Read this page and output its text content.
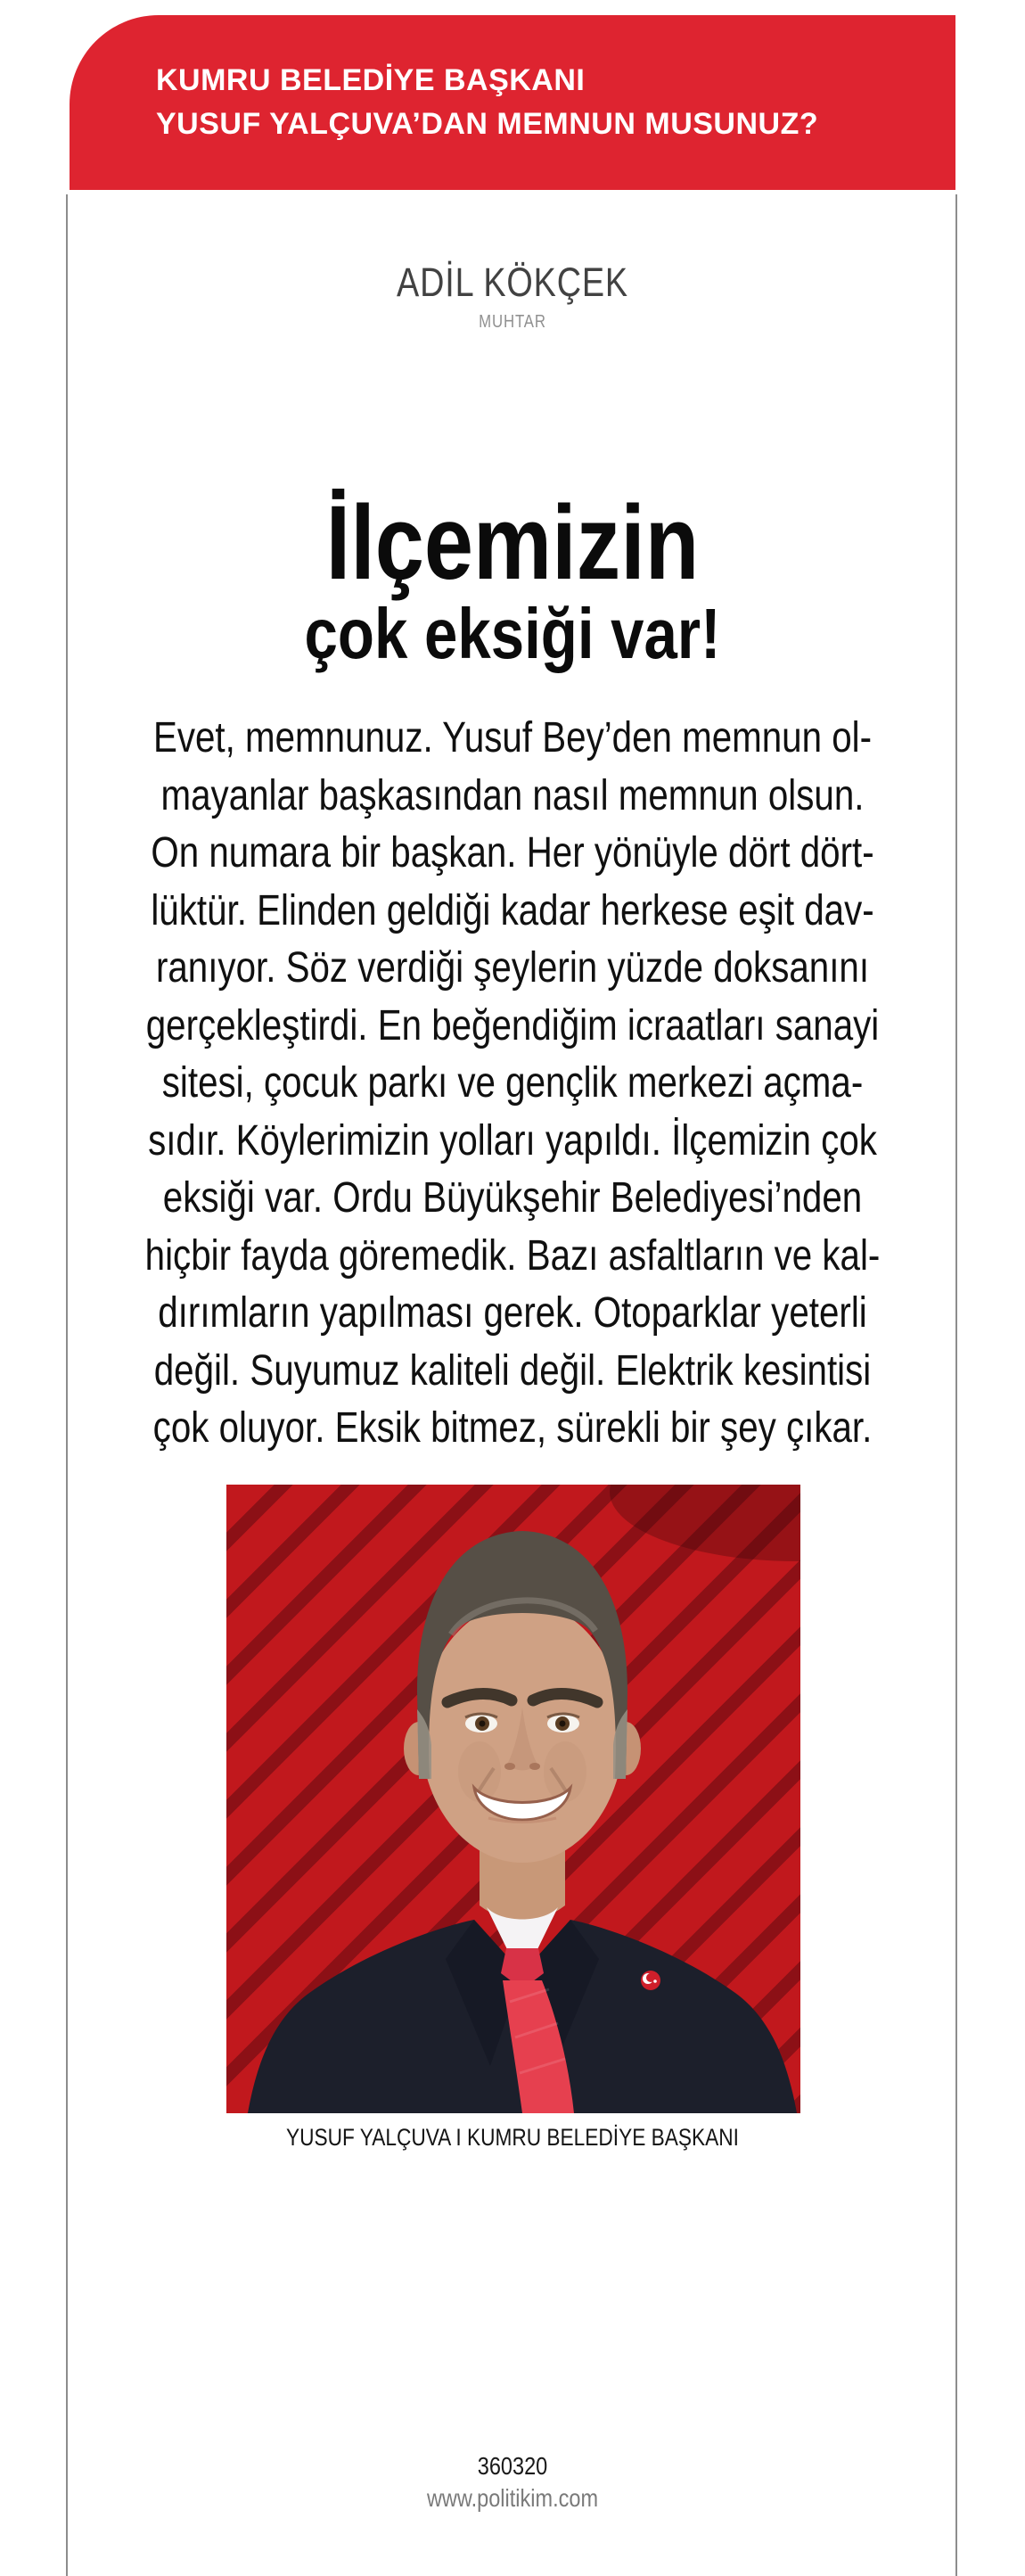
KUMRU BELEDİYE BAŞKANI
YUSUF YALÇUVA’DAN MEMNUN MUSUNUZ?
ADİL KÖKÇEK
MUHTAR
İlçemizin
çok eksiği var!
Evet, memnunuz. Yusuf Bey’den memnun ol-
mayanlar başkasından nasıl memnun olsun.
On numara bir başkan. Her yönüyle dört dört-
lüktür. Elinden geldiği kadar herkese eşit dav-
ranıyor. Söz verdiği şeylerin yüzde doksanını
gerçekleştirdi. En beğendiğim icraatları sanayi
sitesi, çocuk parkı ve gençlik merkezi açma-
sıdır. Köylerimizin yolları yapıldı. İlçemizin çok
eksiği var. Ordu Büyükşehir Belediyesi’nden
hiçbir fayda göremedik. Bazı asfaltların ve kal-
dırımların yapılması gerek. Otoparklar yeterli
değil. Suyumuz kaliteli değil. Elektrik kesintisi
çok oluyor. Eksik bitmez, sürekli bir şey çıkar.
YUSUF YALÇUVA I KUMRU BELEDİYE BAŞKANI
360320
www.politikim.com
